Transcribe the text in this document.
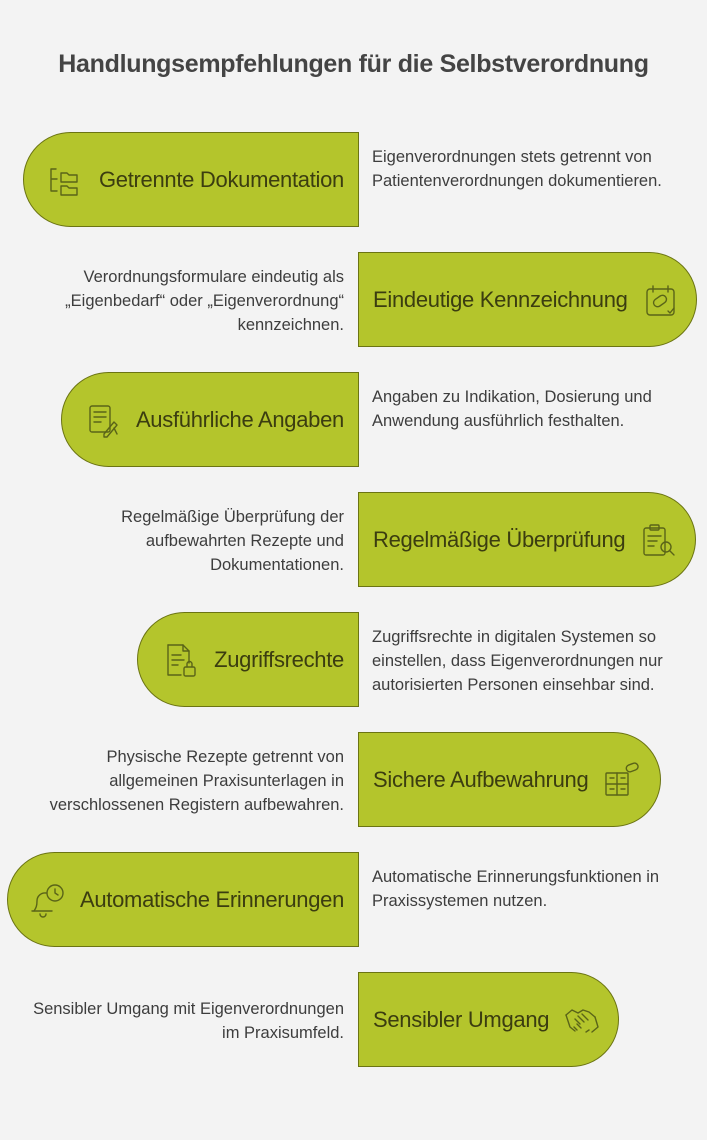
Handlungsempfehlungen für die Selbstverordnung
Getrennte Dokumentation
Eigenverordnungen stets getrennt von Patientenverordnungen dokumentieren.
Eindeutige Kennzeichnung
Verordnungsformulare eindeutig als „Eigenbedarf“ oder „Eigenverordnung“ kennzeichnen.
Ausführliche Angaben
Angaben zu Indikation, Dosierung und Anwendung ausführlich festhalten.
Regelmäßige Überprüfung
Regelmäßige Überprüfung der aufbewahrten Rezepte und Dokumentationen.
Zugriffsrechte
Zugriffsrechte in digitalen Systemen so einstellen, dass Eigenverordnungen nur autorisierten Personen einsehbar sind.
Sichere Aufbewahrung
Physische Rezepte getrennt von allgemeinen Praxisunterlagen in verschlossenen Registern aufbewahren.
Automatische Erinnerungen
Automatische Erinnerungsfunktionen in Praxissystemen nutzen.
Sensibler Umgang
Sensibler Umgang mit Eigenverordnungen im Praxisumfeld.
